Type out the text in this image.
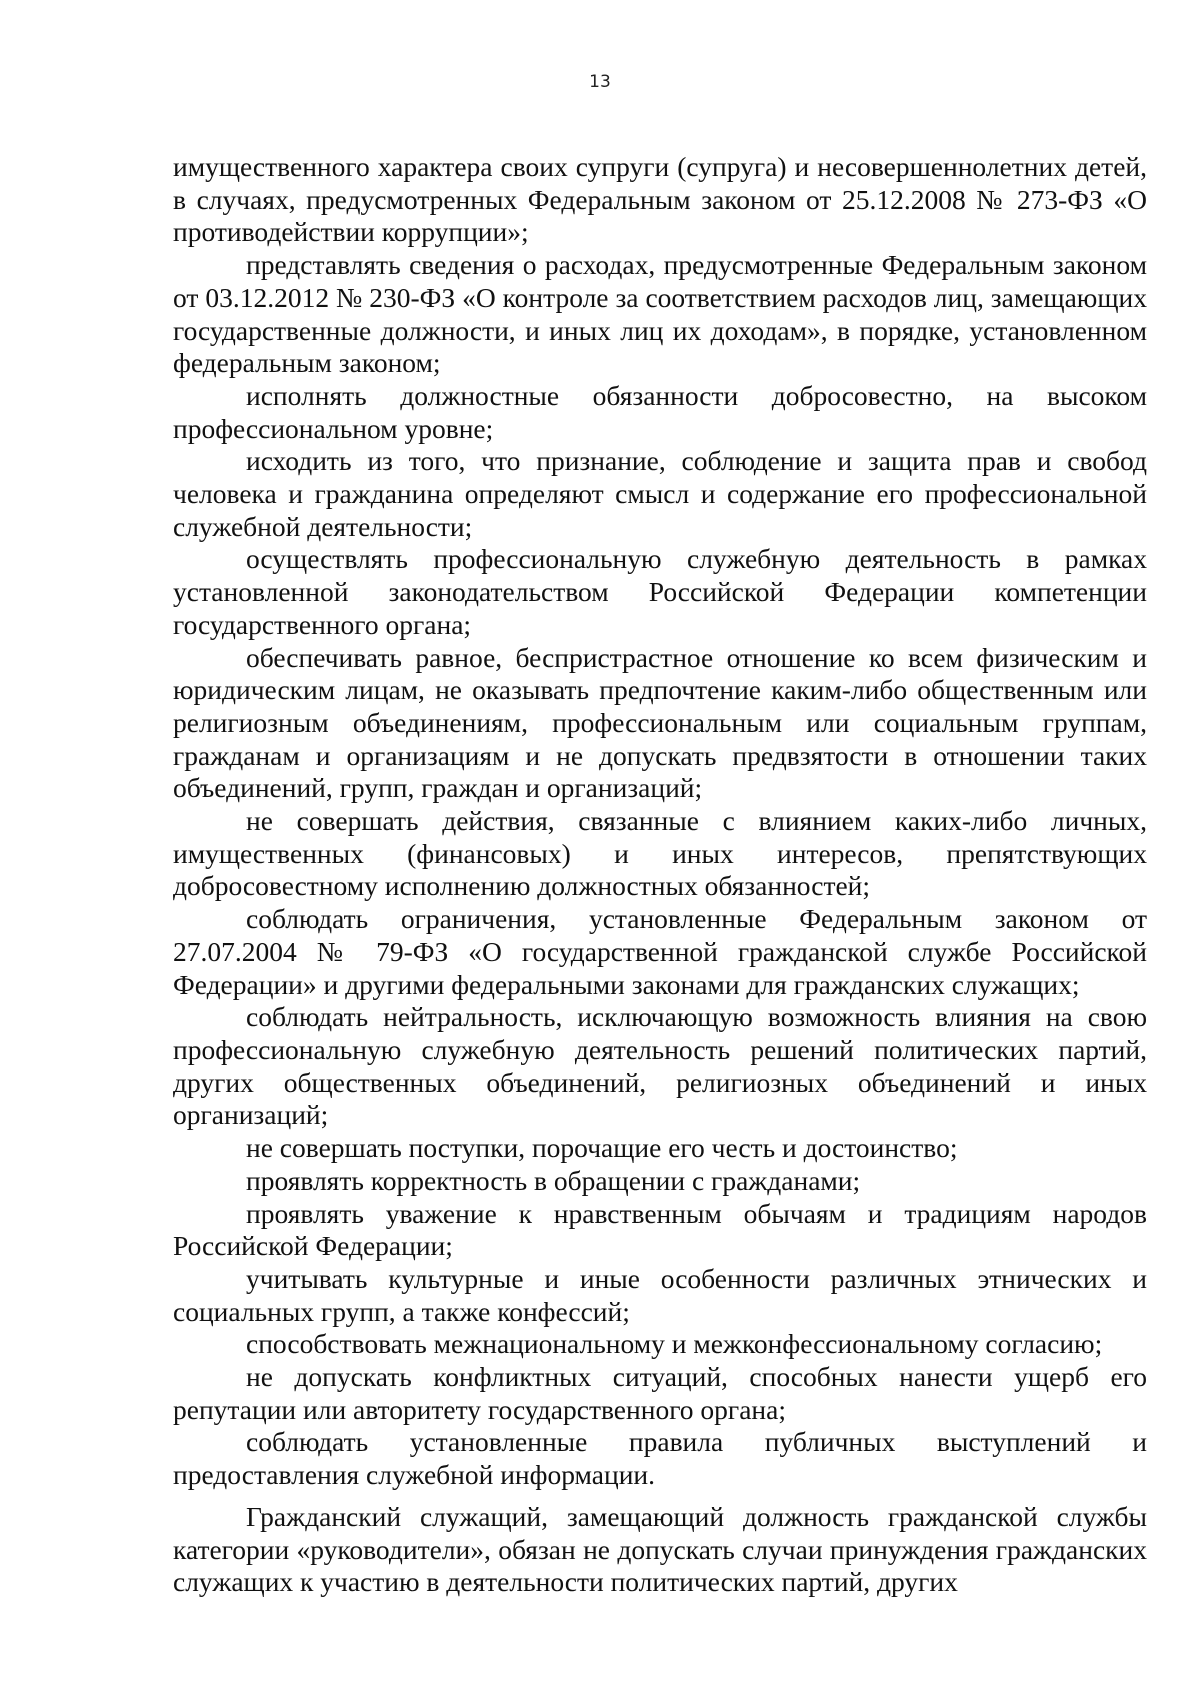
13

имущественного характера своих супруги (супруга) и несовершеннолетних детей, в случаях, предусмотренных Федеральным законом от 25.12.2008 № 273-ФЗ «О противодействии коррупции»;

представлять сведения о расходах, предусмотренные Федеральным законом от 03.12.2012 № 230-ФЗ «О контроле за соответствием расходов лиц, замещающих государственные должности, и иных лиц их доходам», в порядке, установленном федеральным законом;

исполнять должностные обязанности добросовестно, на высоком профессиональном уровне;

исходить из того, что признание, соблюдение и защита прав и свобод человека и гражданина определяют смысл и содержание его профессиональной служебной деятельности;

осуществлять профессиональную служебную деятельность в рамках установленной законодательством Российской Федерации компетенции государственного органа;

обеспечивать равное, беспристрастное отношение ко всем физическим и юридическим лицам, не оказывать предпочтение каким-либо общественным или религиозным объединениям, профессиональным или социальным группам, гражданам и организациям и не допускать предвзятости в отношении таких объединений, групп, граждан и организаций;

не совершать действия, связанные с влиянием каких-либо личных, имущественных (финансовых) и иных интересов, препятствующих добросовестному исполнению должностных обязанностей;

соблюдать ограничения, установленные Федеральным законом от 27.07.2004 № 79-ФЗ «О государственной гражданской службе Российской Федерации» и другими федеральными законами для гражданских служащих;

соблюдать нейтральность, исключающую возможность влияния на свою профессиональную служебную деятельность решений политических партий, других общественных объединений, религиозных объединений и иных организаций;

не совершать поступки, порочащие его честь и достоинство;

проявлять корректность в обращении с гражданами;

проявлять уважение к нравственным обычаям и традициям народов Российской Федерации;

учитывать культурные и иные особенности различных этнических и социальных групп, а также конфессий;

способствовать межнациональному и межконфессиональному согласию;

не допускать конфликтных ситуаций, способных нанести ущерб его репутации или авторитету государственного органа;

соблюдать установленные правила публичных выступлений и предоставления служебной информации.

Гражданский служащий, замещающий должность гражданской службы категории «руководители», обязан не допускать случаи принуждения гражданских служащих к участию в деятельности политических партий, других
